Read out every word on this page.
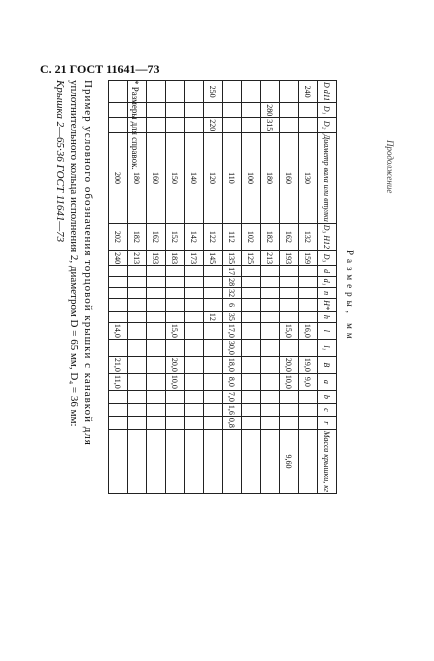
С. 21 ГОСТ 11641—73
Продолжение
Размеры, мм
D d11	D₁	D₂	Диаметр вала или втулки	D₃ H12	D₃	d	d₁	n	H*	h	l	l₁	B	a	b	c	r	Масса крышки, кг
240			130	132	159						16,0		19,0	9,0				
			160	162	193						15,0		20,0	10,0				9,60
	280	315	180	182	213													
			100	102	125													
			110	112	135	17	28	32	6	35	17,0	30,0	18,0	8,0	7,0	1,6	0,8	
250		220	120	122	145					12								
			140	142	173													
			150	152	183						15,0		20,0	10,0				
			160	162	193													
			180	182	213													
			200	202	240						14,0		21,0	11,0				
* Размеры для справок.
Пример условного обозначения торцовой крышки с канавкой для
уплотнительного кольца исполнения 2, диаметром D = 65 мм, D₄ = 36 мм:
Крышка 2—65·36 ГОСТ 11641—73
